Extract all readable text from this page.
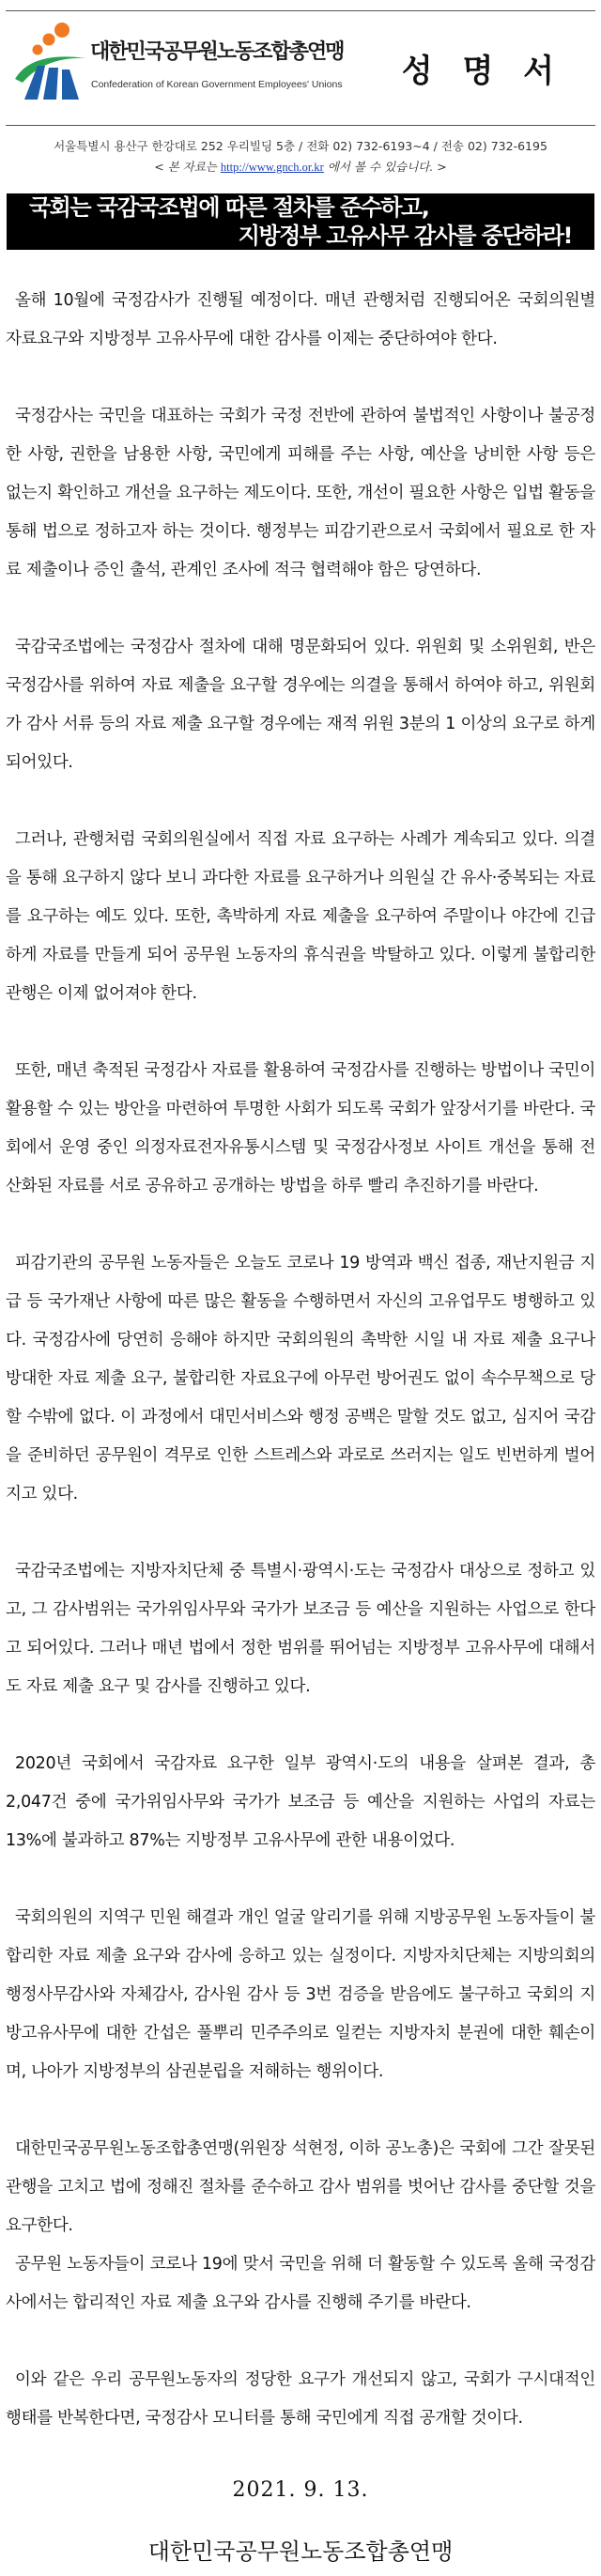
대한민국공무원노동조합총연맹
Confederation of Korean Government Employees' Unions 성 명 서
서울특별시 용산구 한강대로 252 우리빌딩 5층 / 전화 02) 732-6193~4 / 전송 02) 732-6195
< 본 자료는 http://www.gnch.or.kr 에서 볼 수 있습니다. >
국회는 국감국조법에 따른 절차를 준수하고,
지방정부 고유사무 감사를 중단하라!

올해 10월에 국정감사가 진행될 예정이다. 매년 관행처럼 진행되어온 국회의원별 자료요구와 지방정부 고유사무에 대한 감사를 이제는 중단하여야 한다.

국정감사는 국민을 대표하는 국회가 국정 전반에 관하여 불법적인 사항이나 불공정한 사항, 권한을 남용한 사항, 국민에게 피해를 주는 사항, 예산을 낭비한 사항 등은 없는지 확인하고 개선을 요구하는 제도이다. 또한, 개선이 필요한 사항은 입법 활동을 통해 법으로 정하고자 하는 것이다. 행정부는 피감기관으로서 국회에서 필요로 한 자료 제출이나 증인 출석, 관계인 조사에 적극 협력해야 함은 당연하다.

국감국조법에는 국정감사 절차에 대해 명문화되어 있다. 위원회 및 소위원회, 반은 국정감사를 위하여 자료 제출을 요구할 경우에는 의결을 통해서 하여야 하고, 위원회가 감사 서류 등의 자료 제출 요구할 경우에는 재적 위원 3분의 1 이상의 요구로 하게 되어있다.

그러나, 관행처럼 국회의원실에서 직접 자료 요구하는 사례가 계속되고 있다. 의결을 통해 요구하지 않다 보니 과다한 자료를 요구하거나 의원실 간 유사·중복되는 자료를 요구하는 예도 있다. 또한, 촉박하게 자료 제출을 요구하여 주말이나 야간에 긴급하게 자료를 만들게 되어 공무원 노동자의 휴식권을 박탈하고 있다. 이렇게 불합리한 관행은 이제 없어져야 한다.

또한, 매년 축적된 국정감사 자료를 활용하여 국정감사를 진행하는 방법이나 국민이 활용할 수 있는 방안을 마련하여 투명한 사회가 되도록 국회가 앞장서기를 바란다. 국회에서 운영 중인 의정자료전자유통시스템 및 국정감사정보 사이트 개선을 통해 전산화된 자료를 서로 공유하고 공개하는 방법을 하루 빨리 추진하기를 바란다.

피감기관의 공무원 노동자들은 오늘도 코로나 19 방역과 백신 접종, 재난지원금 지급 등 국가재난 사항에 따른 많은 활동을 수행하면서 자신의 고유업무도 병행하고 있다. 국정감사에 당연히 응해야 하지만 국회의원의 촉박한 시일 내 자료 제출 요구나 방대한 자료 제출 요구, 불합리한 자료요구에 아무런 방어권도 없이 속수무책으로 당할 수밖에 없다. 이 과정에서 대민서비스와 행정 공백은 말할 것도 없고, 심지어 국감을 준비하던 공무원이 격무로 인한 스트레스와 과로로 쓰러지는 일도 빈번하게 벌어지고 있다.

국감국조법에는 지방자치단체 중 특별시·광역시·도는 국정감사 대상으로 정하고 있고, 그 감사범위는 국가위임사무와 국가가 보조금 등 예산을 지원하는 사업으로 한다고 되어있다. 그러나 매년 법에서 정한 범위를 뛰어넘는 지방정부 고유사무에 대해서도 자료 제출 요구 및 감사를 진행하고 있다.

2020년 국회에서 국감자료 요구한 일부 광역시·도의 내용을 살펴본 결과, 총 2,047건 중에 국가위임사무와 국가가 보조금 등 예산을 지원하는 사업의 자료는 13%에 불과하고 87%는 지방정부 고유사무에 관한 내용이었다.

국회의원의 지역구 민원 해결과 개인 얼굴 알리기를 위해 지방공무원 노동자들이 불합리한 자료 제출 요구와 감사에 응하고 있는 실정이다. 지방자치단체는 지방의회의 행정사무감사와 자체감사, 감사원 감사 등 3번 검증을 받음에도 불구하고 국회의 지방고유사무에 대한 간섭은 풀뿌리 민주주의로 일컫는 지방자치 분권에 대한 훼손이며, 나아가 지방정부의 삼권분립을 저해하는 행위이다.

대한민국공무원노동조합총연맹(위원장 석현정, 이하 공노총)은 국회에 그간 잘못된 관행을 고치고 법에 정해진 절차를 준수하고 감사 범위를 벗어난 감사를 중단할 것을 요구한다.

공무원 노동자들이 코로나 19에 맞서 국민을 위해 더 활동할 수 있도록 올해 국정감사에서는 합리적인 자료 제출 요구와 감사를 진행해 주기를 바란다.

이와 같은 우리 공무원노동자의 정당한 요구가 개선되지 않고, 국회가 구시대적인 행태를 반복한다면, 국정감사 모니터를 통해 국민에게 직접 공개할 것이다.

2021. 9. 13.
대한민국공무원노동조합총연맹
